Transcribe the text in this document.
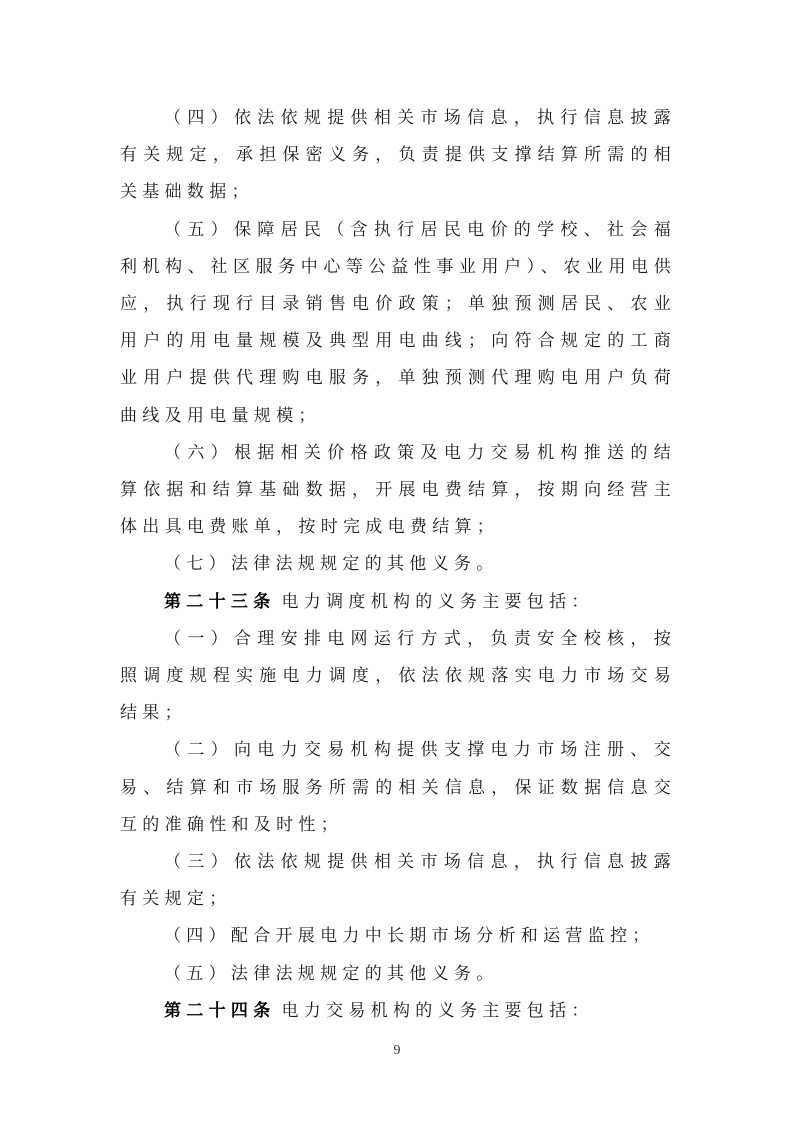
（四）依法依规提供相关市场信息，执行信息披露有关规定，承担保密义务，负责提供支撑结算所需的相关基础数据；

（五）保障居民（含执行居民电价的学校、社会福利机构、社区服务中心等公益性事业用户）、农业用电供应，执行现行目录销售电价政策；单独预测居民、农业用户的用电量规模及典型用电曲线；向符合规定的工商业用户提供代理购电服务，单独预测代理购电用户负荷曲线及用电量规模；

（六）根据相关价格政策及电力交易机构推送的结算依据和结算基础数据，开展电费结算，按期向经营主体出具电费账单，按时完成电费结算；

（七）法律法规规定的其他义务。

第二十三条 电力调度机构的义务主要包括：

（一）合理安排电网运行方式，负责安全校核，按照调度规程实施电力调度，依法依规落实电力市场交易结果；

（二）向电力交易机构提供支撑电力市场注册、交易、结算和市场服务所需的相关信息，保证数据信息交互的准确性和及时性；

（三）依法依规提供相关市场信息，执行信息披露有关规定；

（四）配合开展电力中长期市场分析和运营监控；

（五）法律法规规定的其他义务。

第二十四条 电力交易机构的义务主要包括：

9
